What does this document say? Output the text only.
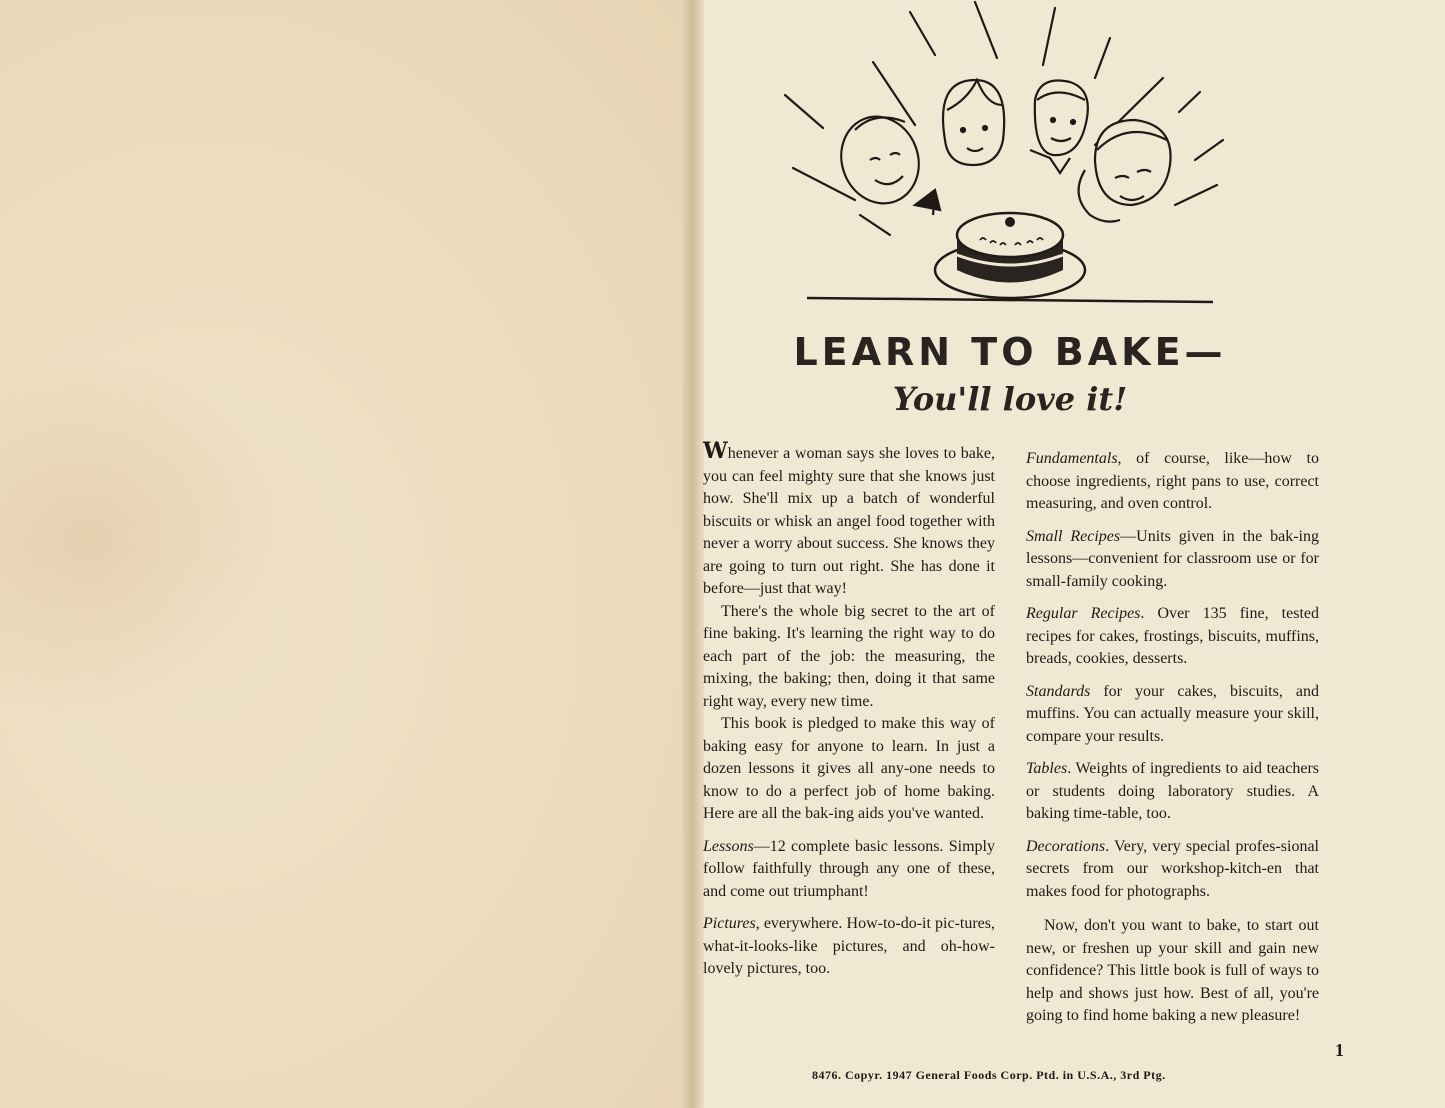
LEARN TO BAKE—
You'll love it!

Whenever a woman says she loves to bake, you can feel mighty sure that she knows just how. She'll mix up a batch of wonderful biscuits or whisk an angel food together with never a worry about success. She knows they are going to turn out right. She has done it before—just that way!

There's the whole big secret to the art of fine baking. It's learning the right way to do each part of the job: the measuring, the mixing, the baking; then, doing it that same right way, every new time.

This book is pledged to make this way of baking easy for anyone to learn. In just a dozen lessons it gives all any-one needs to know to do a perfect job of home baking. Here are all the bak-ing aids you've wanted.

Lessons—12 complete basic lessons. Simply follow faithfully through any one of these, and come out triumphant!

Pictures, everywhere. How-to-do-it pic-tures, what-it-looks-like pictures, and oh-how-lovely pictures, too.

Fundamentals, of course, like—how to choose ingredients, right pans to use, correct measuring, and oven control.

Small Recipes—Units given in the bak-ing lessons—convenient for classroom use or for small-family cooking.

Regular Recipes. Over 135 fine, tested recipes for cakes, frostings, biscuits, muffins, breads, cookies, desserts.

Standards for your cakes, biscuits, and muffins. You can actually measure your skill, compare your results.

Tables. Weights of ingredients to aid teachers or students doing laboratory studies. A baking time-table, too.

Decorations. Very, very special profes-sional secrets from our workshop-kitch-en that makes food for photographs.

Now, don't you want to bake, to start out new, or freshen up your skill and gain new confidence? This little book is full of ways to help and shows just how. Best of all, you're going to find home baking a new pleasure!

1
8476. Copyr. 1947 General Foods Corp. Ptd. in U.S.A., 3rd Ptg.
